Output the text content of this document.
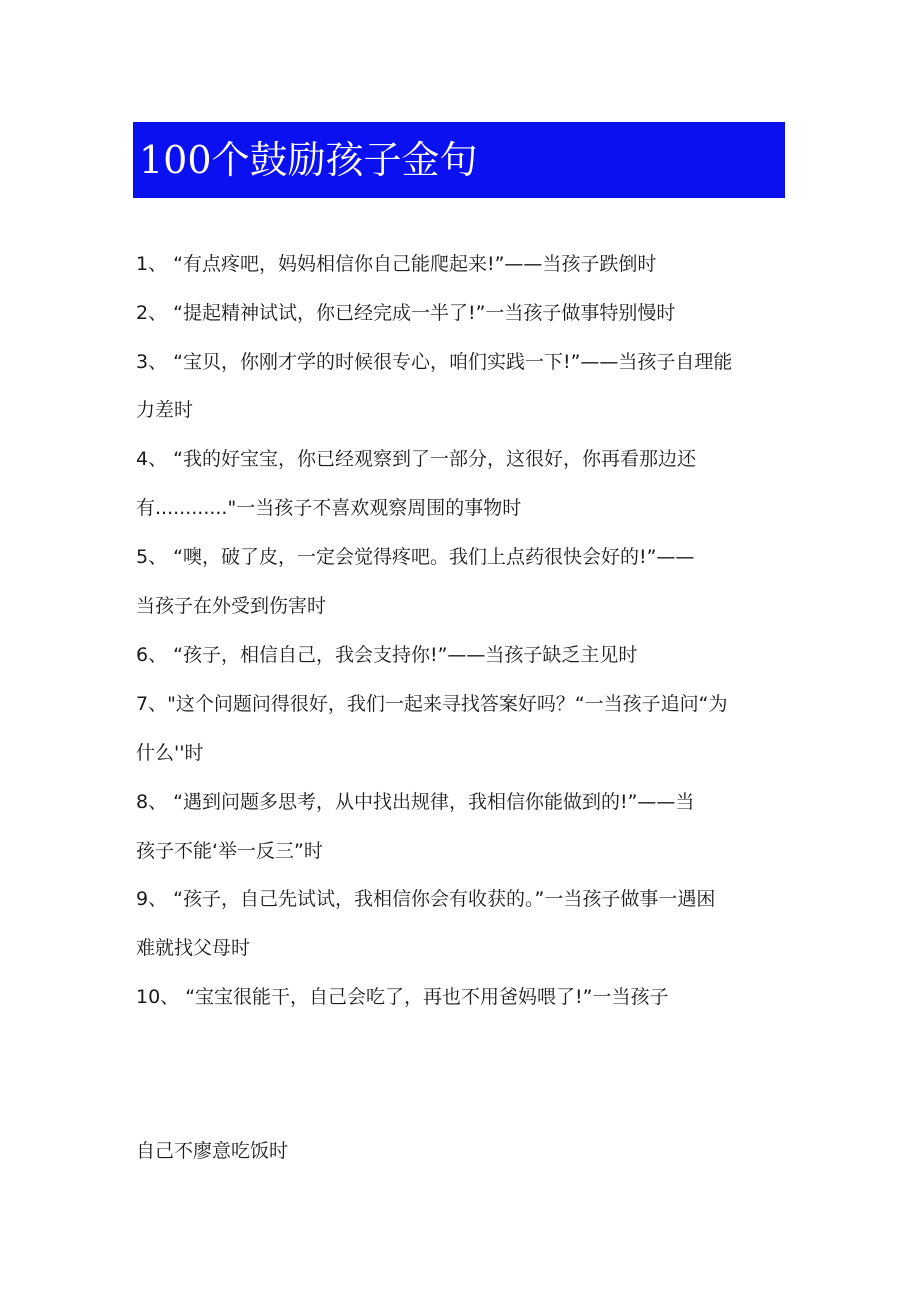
100个鼓励孩子金句
1、 “有点疼吧，妈妈相信你自己能爬起来!”——当孩子跌倒时
2、 “提起精神试试，你已经完成一半了!”一当孩子做事特别慢时
3、 “宝贝，你刚才学的时候很专心，咱们实践一下!”——当孩子自理能
力差时
4、 “我的好宝宝，你已经观察到了一部分，这很好，你再看那边还
有............"一当孩子不喜欢观察周围的事物时
5、 “噢，破了皮，一定会觉得疼吧。我们上点药很快会好的!”——
当孩子在外受到伤害时
6、 “孩子，相信自己，我会支持你!”——当孩子缺乏主见时
7、"这个问题问得很好，我们一起来寻找答案好吗？“一当孩子追问“为
什么''时
8、 “遇到问题多思考，从中找出规律，我相信你能做到的!”——当
孩子不能‘举一反三”时
9、 “孩子，自己先试试，我相信你会有收获的。”一当孩子做事一遇困
难就找父母时
10、 “宝宝很能干，自己会吃了，再也不用爸妈喂了!”一当孩子
自己不廖意吃饭时
